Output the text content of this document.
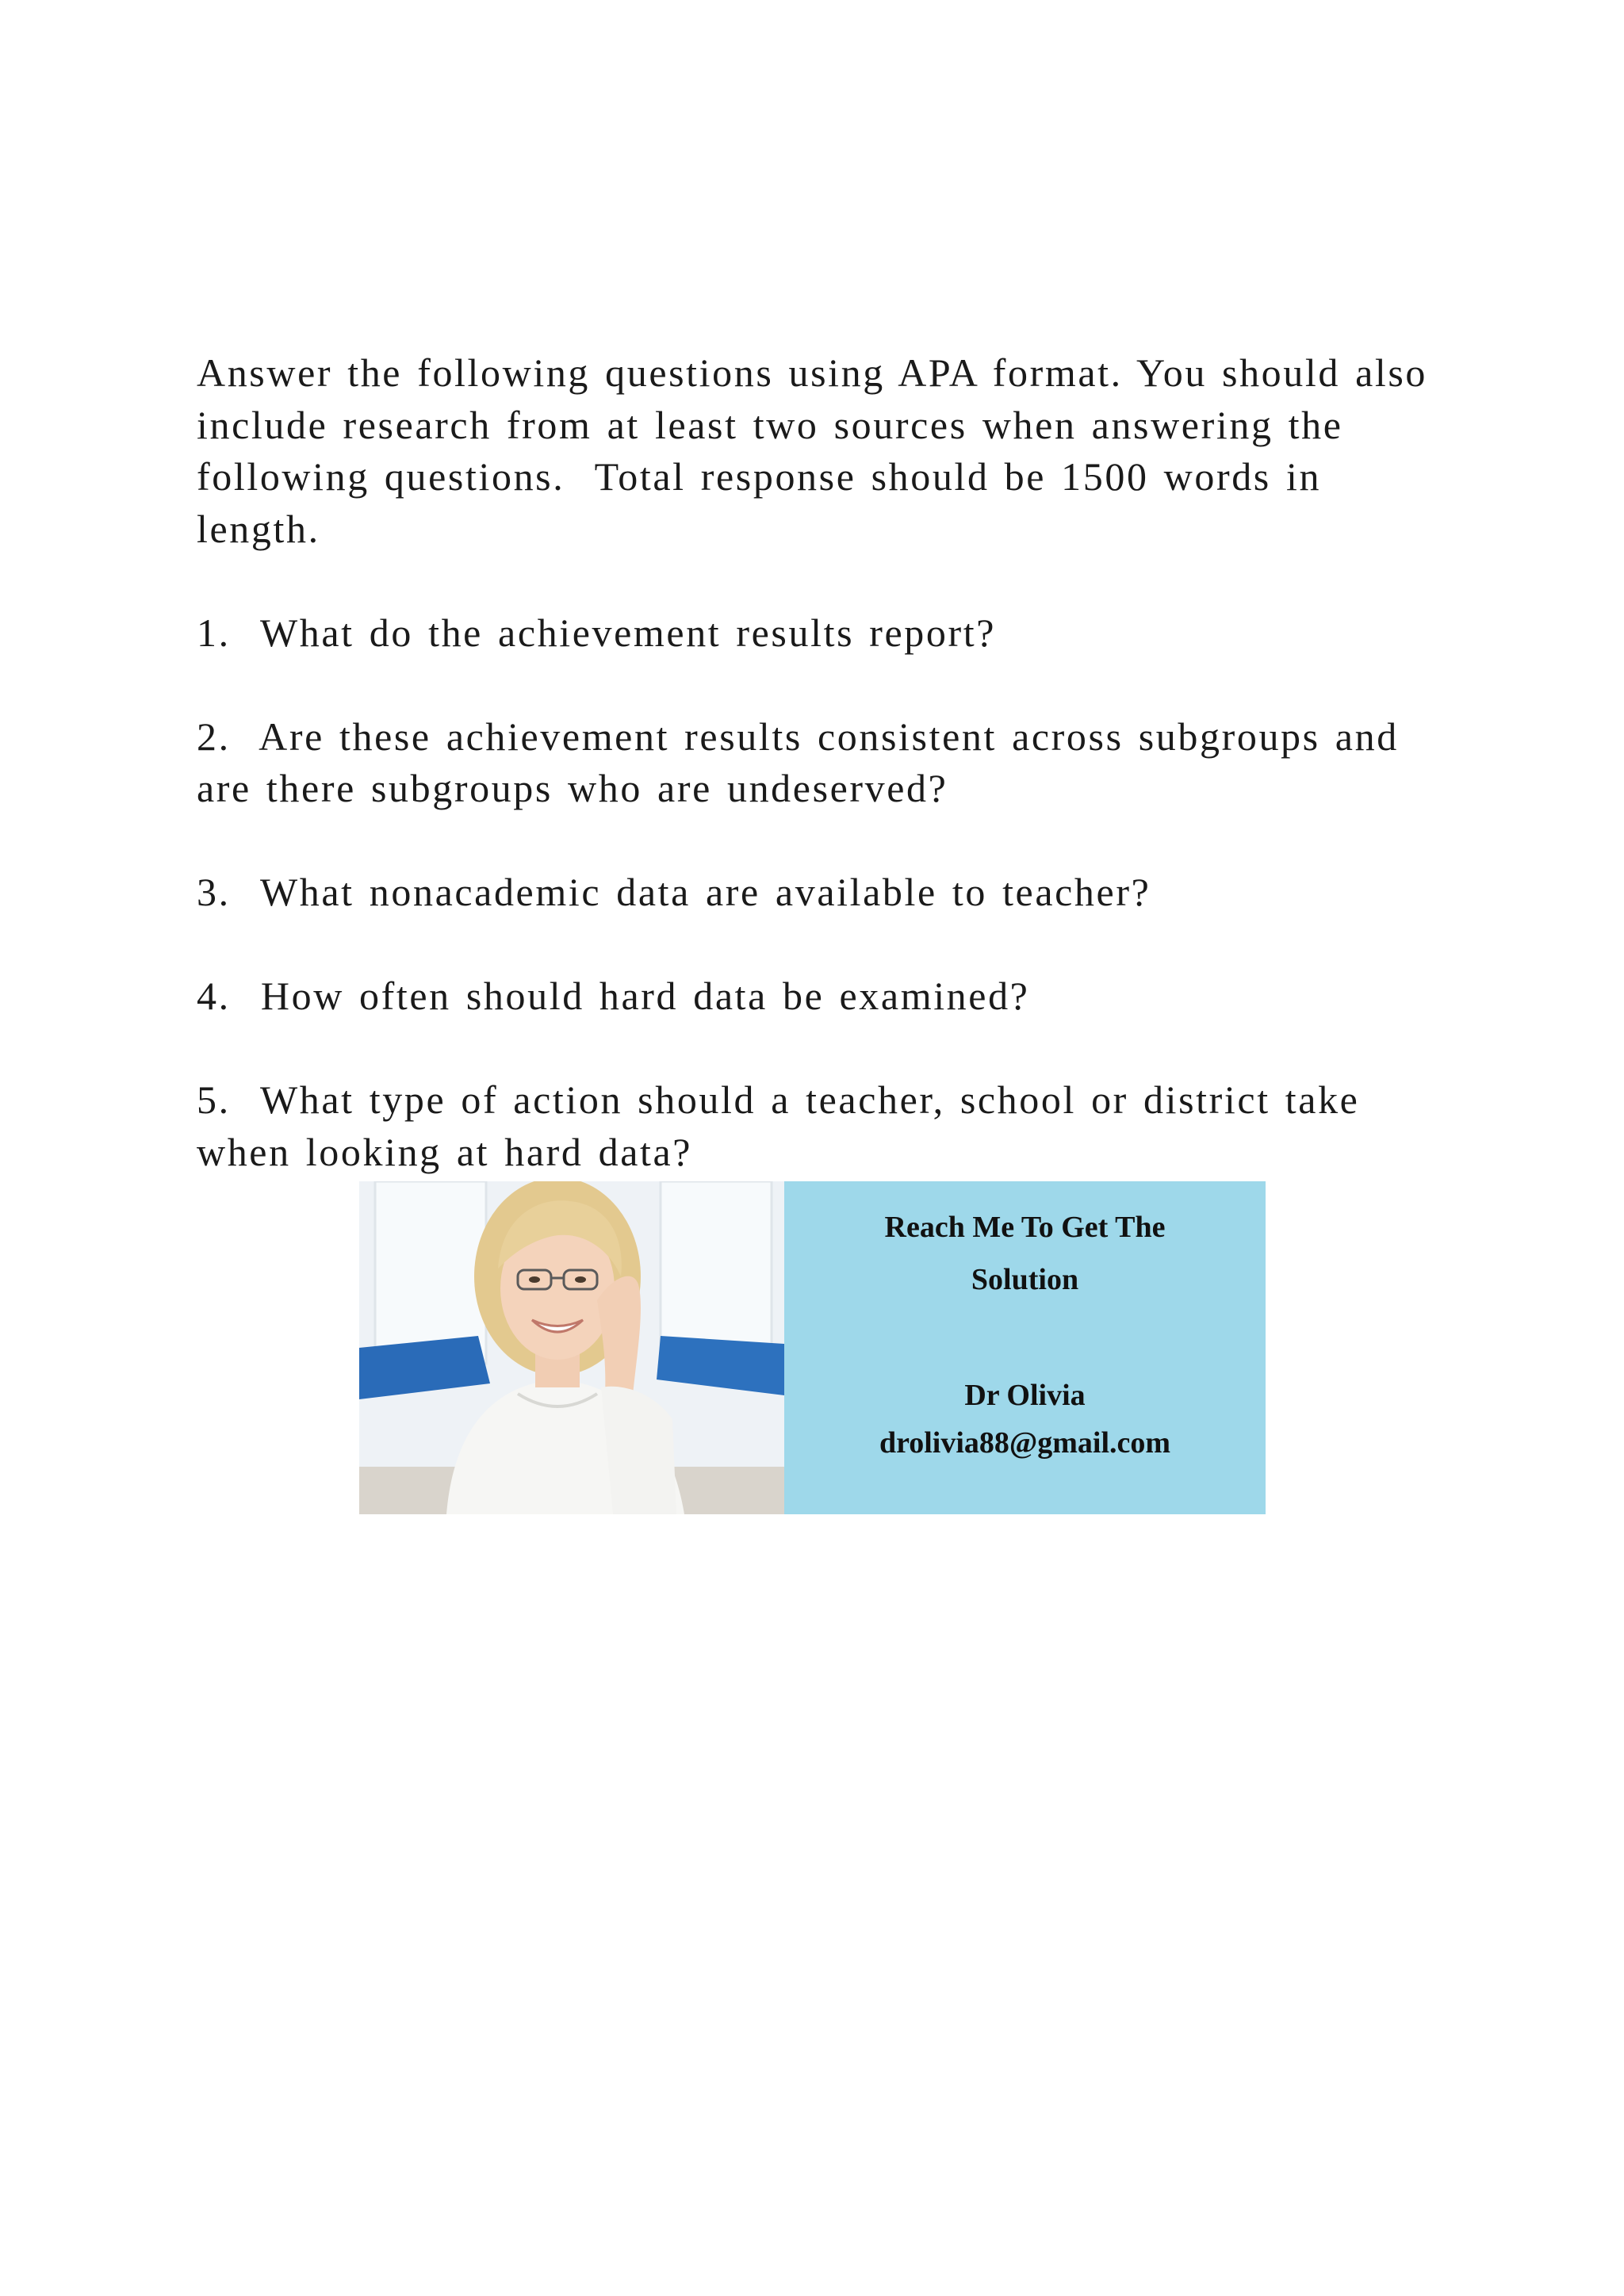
Answer the following questions using APA format. You should also include research from at least two sources when answering the following questions.  Total response should be 1500 words in length.

1.  What do the achievement results report?

2.  Are these achievement results consistent across subgroups and are there subgroups who are undeserved?

3.  What nonacademic data are available to teacher?

4.  How often should hard data be examined?

5.  What type of action should a teacher, school or district take when looking at hard data?

Reach Me To Get The
Solution
Dr Olivia
drolivia88@gmail.com
